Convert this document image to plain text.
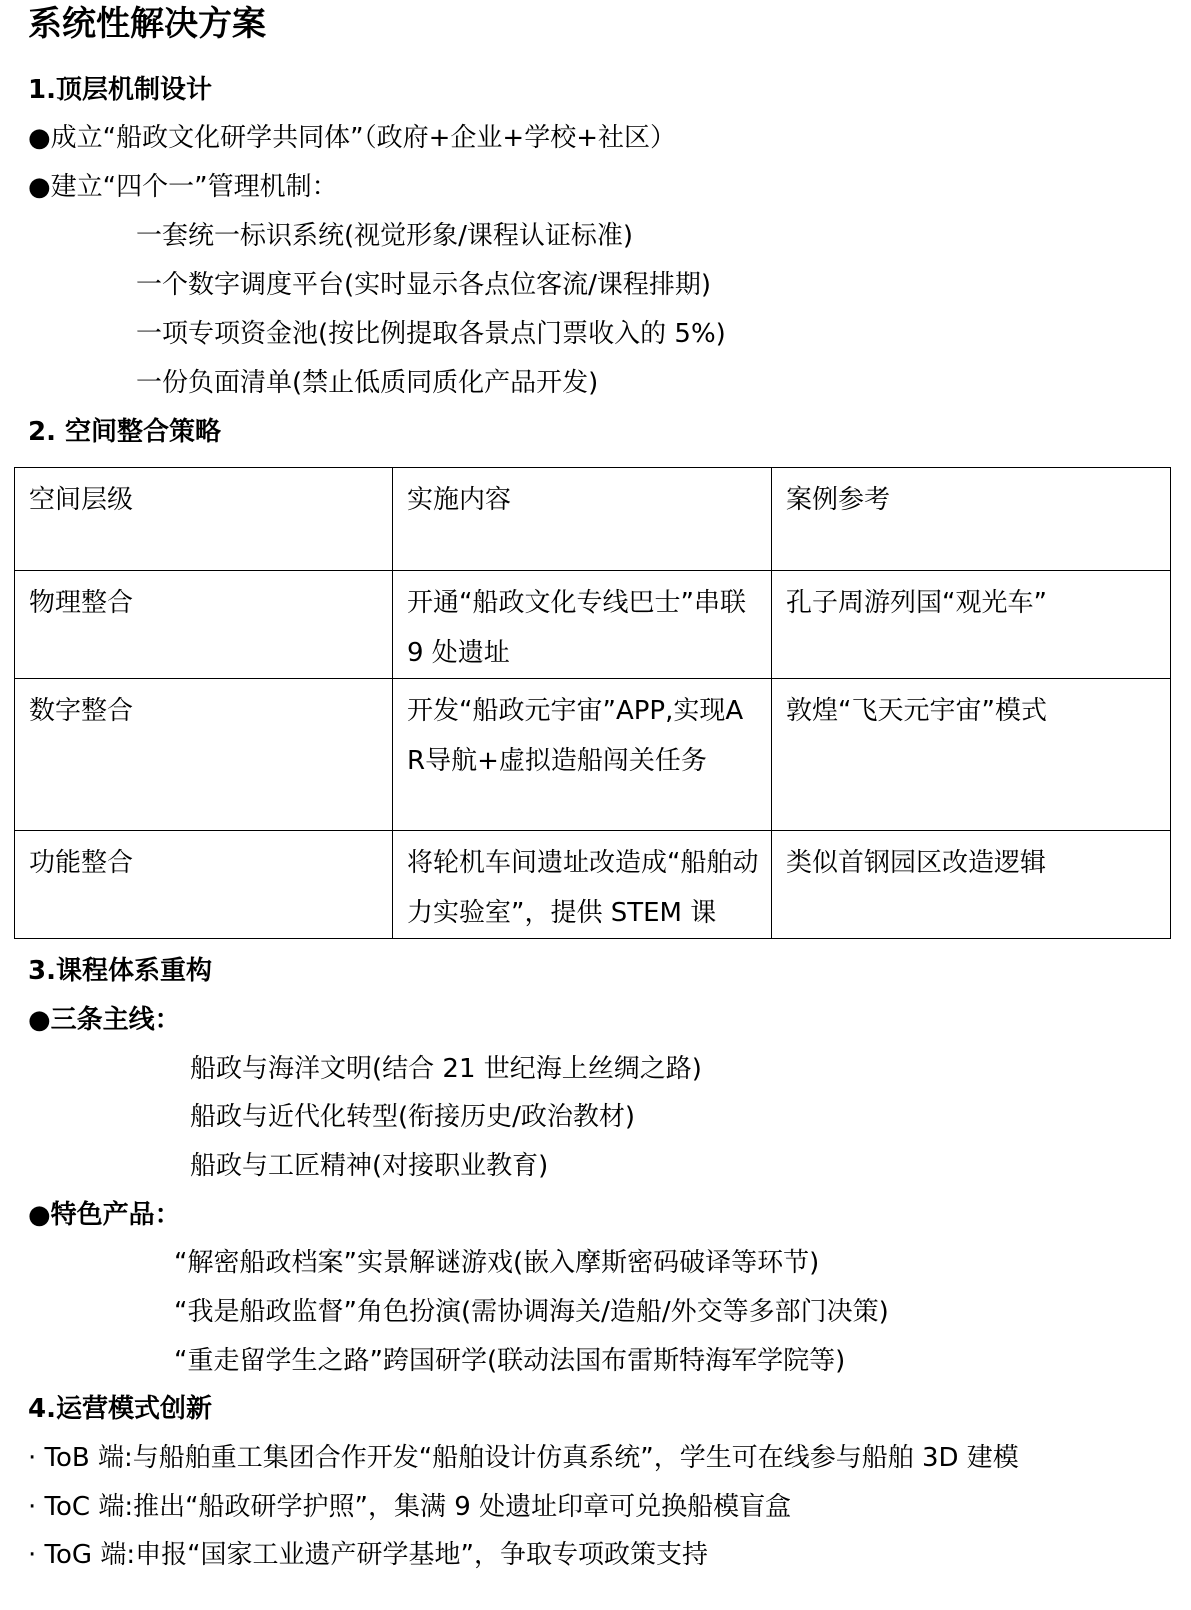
系统性解决方案
1.顶层机制设计
●成立“船政文化研学共同体”（政府+企业+学校+社区）
●建立“四个一”管理机制：
一套统一标识系统(视觉形象/课程认证标准)
一个数字调度平台(实时显示各点位客流/课程排期)
一项专项资金池(按比例提取各景点门票收入的 5%)
一份负面清单(禁止低质同质化产品开发)
2. 空间整合策略
空间层级	实施内容	案例参考
物理整合	开通“船政文化专线巴士”串联 9 处遗址	孔子周游列国“观光车”
数字整合	开发“船政元宇宙”APP,实现AR导航+虚拟造船闯关任务	敦煌“飞天元宇宙”模式
功能整合	将轮机车间遗址改造成“船舶动力实验室”，提供 STEM 课	类似首钢园区改造逻辑
3.课程体系重构
●三条主线：
船政与海洋文明(结合 21 世纪海上丝绸之路)
船政与近代化转型(衔接历史/政治教材)
船政与工匠精神(对接职业教育)
●特色产品：
“解密船政档案”实景解谜游戏(嵌入摩斯密码破译等环节)
“我是船政监督”角色扮演(需协调海关/造船/外交等多部门决策)
“重走留学生之路”跨国研学(联动法国布雷斯特海军学院等)
4.运营模式创新
· ToB 端:与船舶重工集团合作开发“船舶设计仿真系统”，学生可在线参与船舶 3D 建模
· ToC 端:推出“船政研学护照”，集满 9 处遗址印章可兑换船模盲盒
· ToG 端:申报“国家工业遗产研学基地”，争取专项政策支持
